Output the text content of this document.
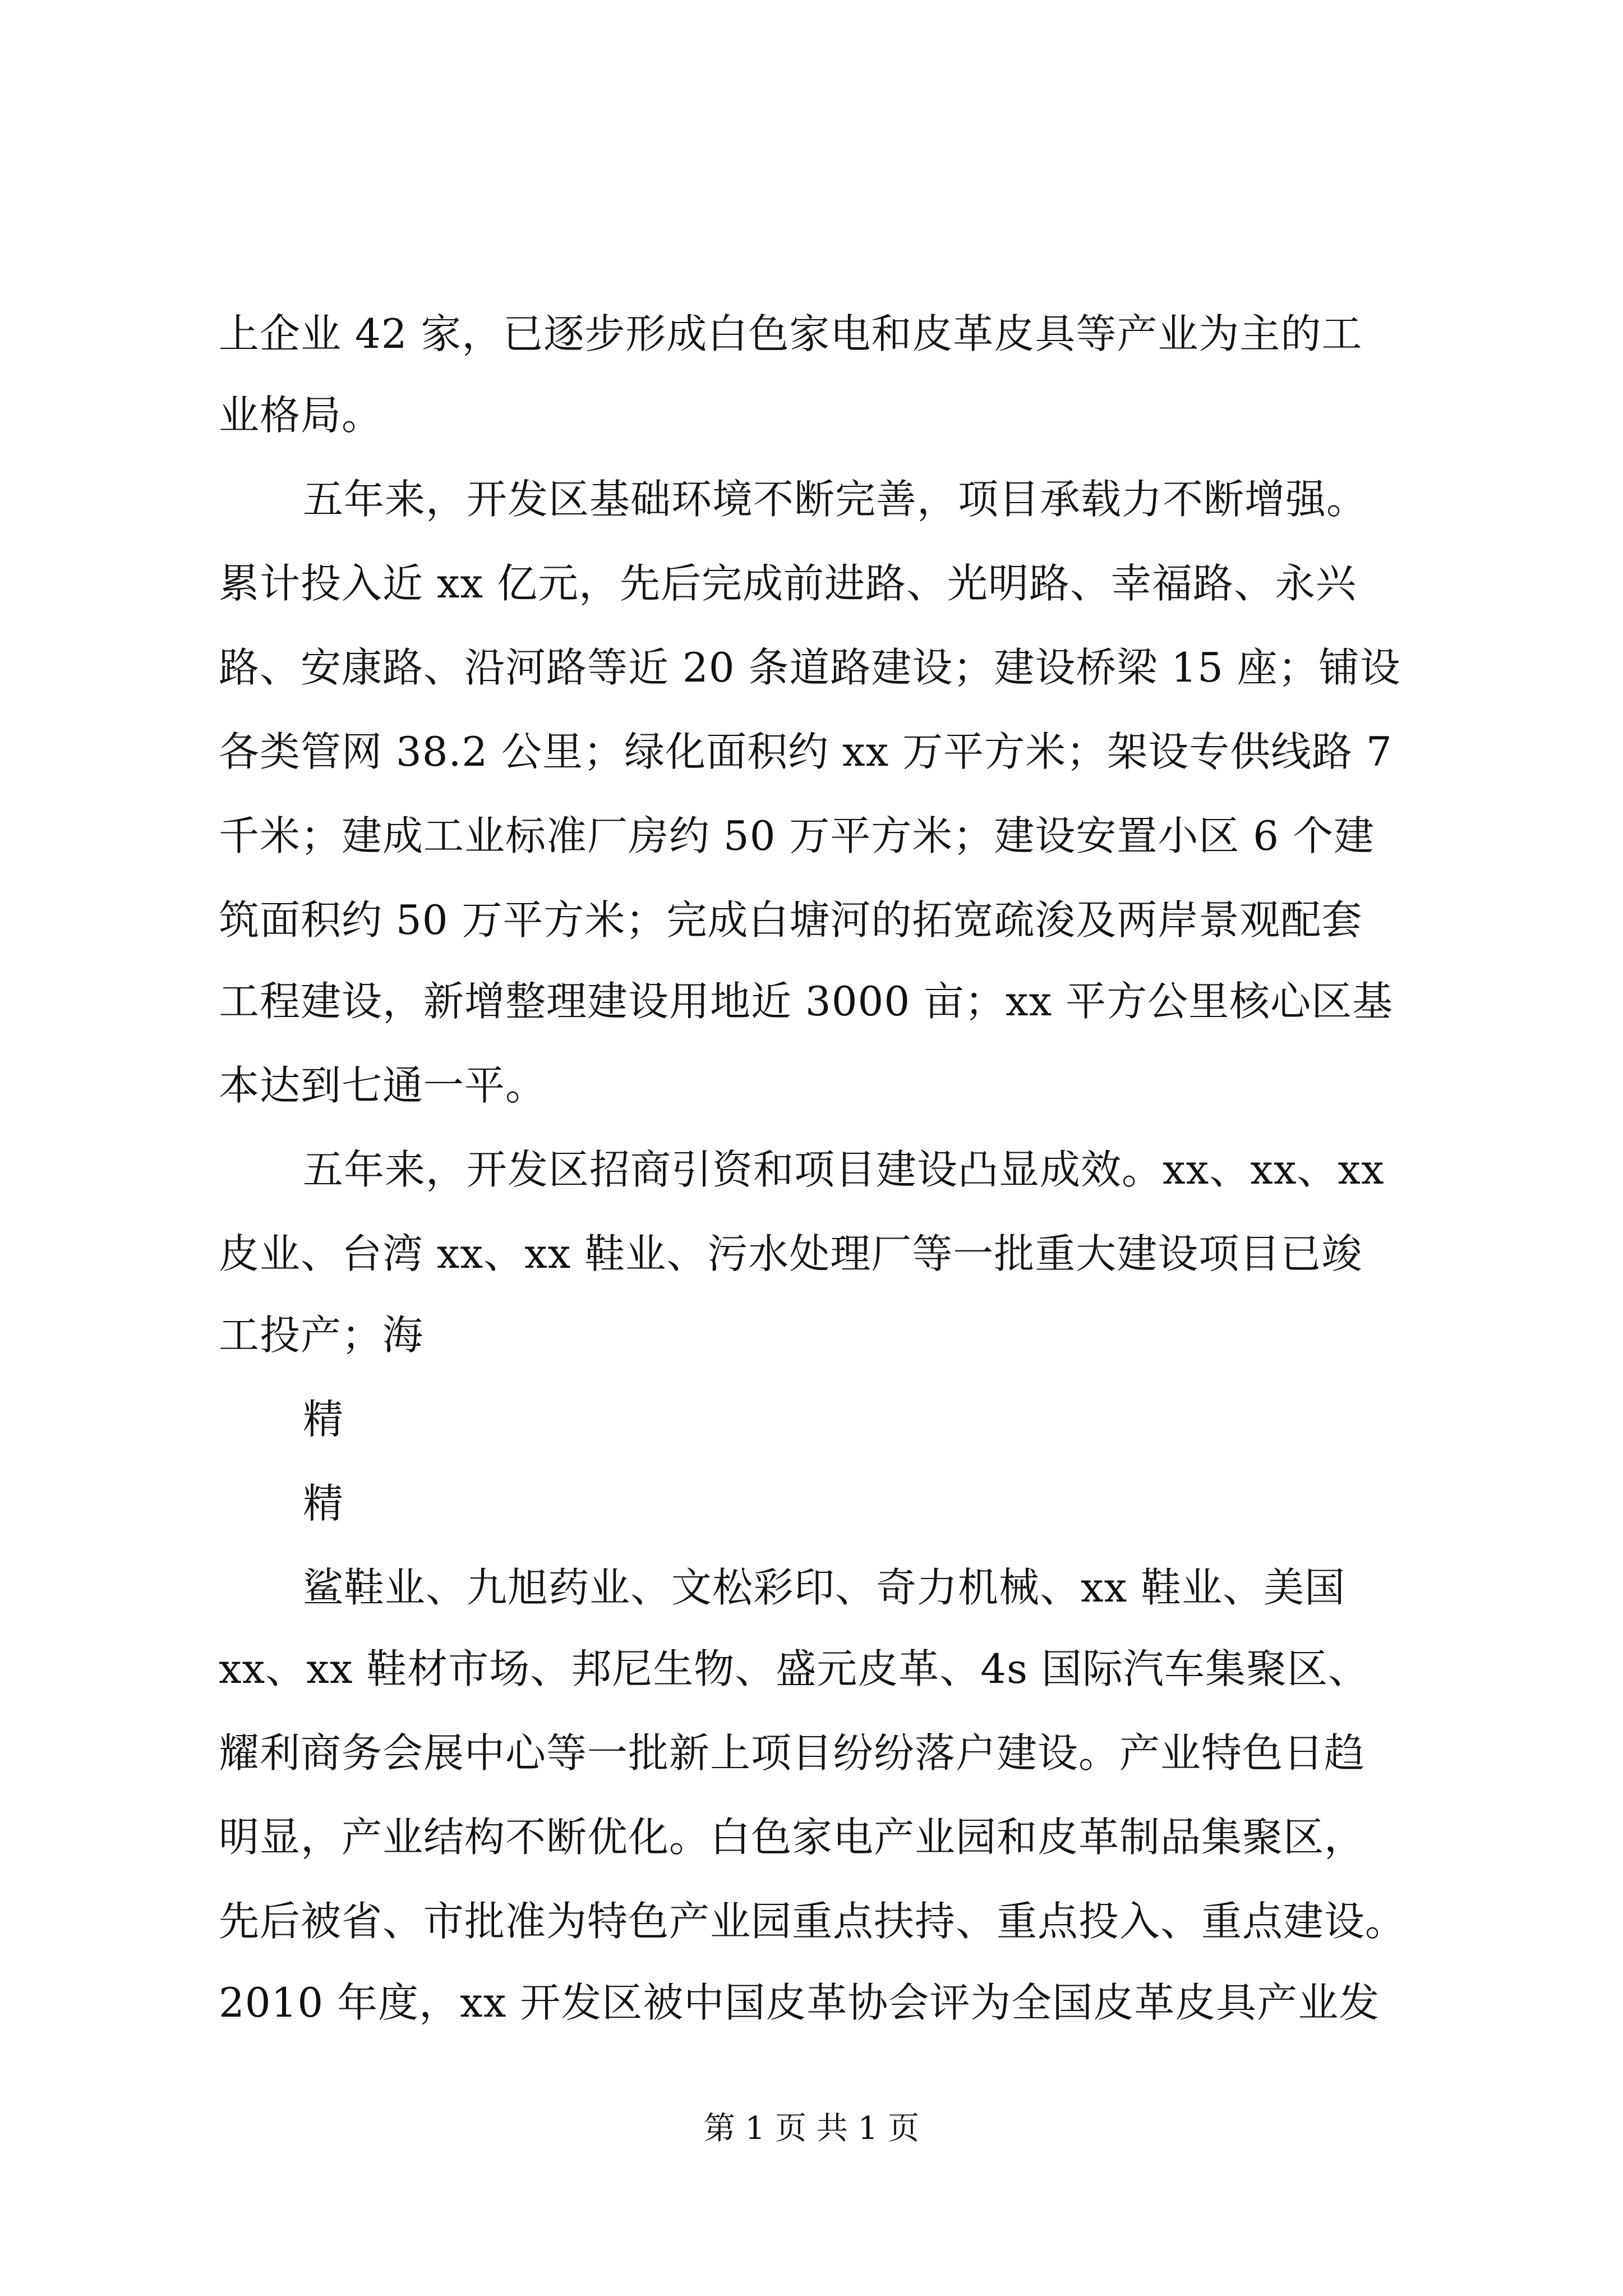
上企业 42 家，已逐步形成白色家电和皮革皮具等产业为主的工
业格局。
五年来，开发区基础环境不断完善，项目承载力不断增强。
累计投入近 xx 亿元，先后完成前进路、光明路、幸福路、永兴
路、安康路、沿河路等近 20 条道路建设；建设桥梁 15 座；铺设
各类管网 38.2 公里；绿化面积约 xx 万平方米；架设专供线路 7
千米；建成工业标准厂房约 50 万平方米；建设安置小区 6 个建
筑面积约 50 万平方米；完成白塘河的拓宽疏浚及两岸景观配套
工程建设，新增整理建设用地近 3000 亩；xx 平方公里核心区基
本达到七通一平。
五年来，开发区招商引资和项目建设凸显成效。xx、xx、xx
皮业、台湾 xx、xx 鞋业、污水处理厂等一批重大建设项目已竣
工投产；海
精
精
鲨鞋业、九旭药业、文松彩印、奇力机械、xx 鞋业、美国
xx、xx 鞋材市场、邦尼生物、盛元皮革、4s 国际汽车集聚区、
耀利商务会展中心等一批新上项目纷纷落户建设。产业特色日趋
明显，产业结构不断优化。白色家电产业园和皮革制品集聚区，
先后被省、市批准为特色产业园重点扶持、重点投入、重点建设。
2010 年度，xx 开发区被中国皮革协会评为全国皮革皮具产业发
第 1 页 共 1 页
